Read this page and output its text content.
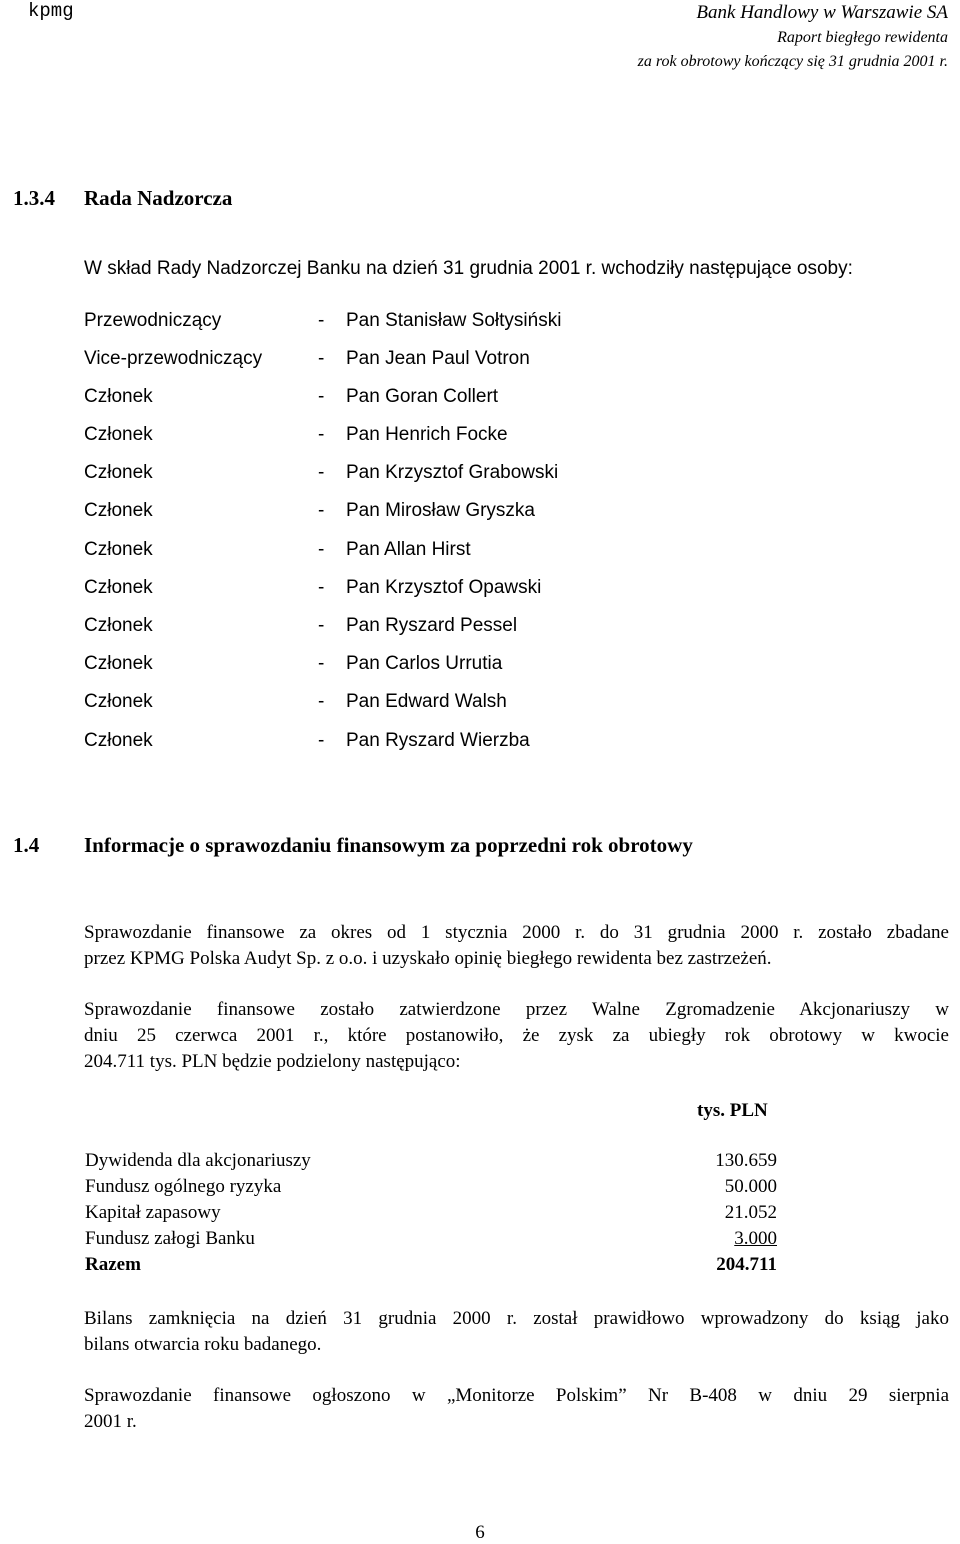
kpmg	Bank Handlowy w Warszawie SA
Raport biegłego rewidenta
za rok obrotowy kończący się 31 grudnia 2001 r.
1.3.4 Rada Nadzorcza
W skład Rady Nadzorczej Banku na dzień 31 grudnia 2001 r. wchodziły następujące osoby:
Przewodniczący	- Pan Stanisław Sołtysiński
Vice-przewodniczący	- Pan Jean Paul Votron
Członek	- Pan Goran Collert
Członek	- Pan Henrich Focke
Członek	- Pan Krzysztof Grabowski
Członek	- Pan Mirosław Gryszka
Członek	- Pan Allan Hirst
Członek	- Pan Krzysztof Opawski
Członek	- Pan Ryszard Pessel
Członek	- Pan Carlos Urrutia
Członek	- Pan Edward Walsh
Członek	- Pan Ryszard Wierzba
1.4 Informacje o sprawozdaniu finansowym za poprzedni rok obrotowy
Sprawozdanie finansowe za okres od 1 stycznia 2000 r. do 31 grudnia 2000 r. zostało zbadane
przez KPMG Polska Audyt Sp. z o.o. i uzyskało opinię biegłego rewidenta bez zastrzeżeń.
Sprawozdanie finansowe zostało zatwierdzone przez Walne Zgromadzenie Akcjonariuszy w
dniu 25 czerwca 2001 r., które postanowiło, że zysk za ubiegły rok obrotowy w kwocie
204.711 tys. PLN będzie podzielony następująco:
tys. PLN
Dywidenda dla akcjonariuszy	130.659
Fundusz ogólnego ryzyka	50.000
Kapitał zapasowy	21.052
Fundusz załogi Banku	3.000
Razem	204.711
Bilans zamknięcia na dzień 31 grudnia 2000 r. został prawidłowo wprowadzony do ksiąg jako
bilans otwarcia roku badanego.
Sprawozdanie finansowe ogłoszono w „Monitorze Polskim” Nr B-408 w dniu 29 sierpnia
2001 r.
6
